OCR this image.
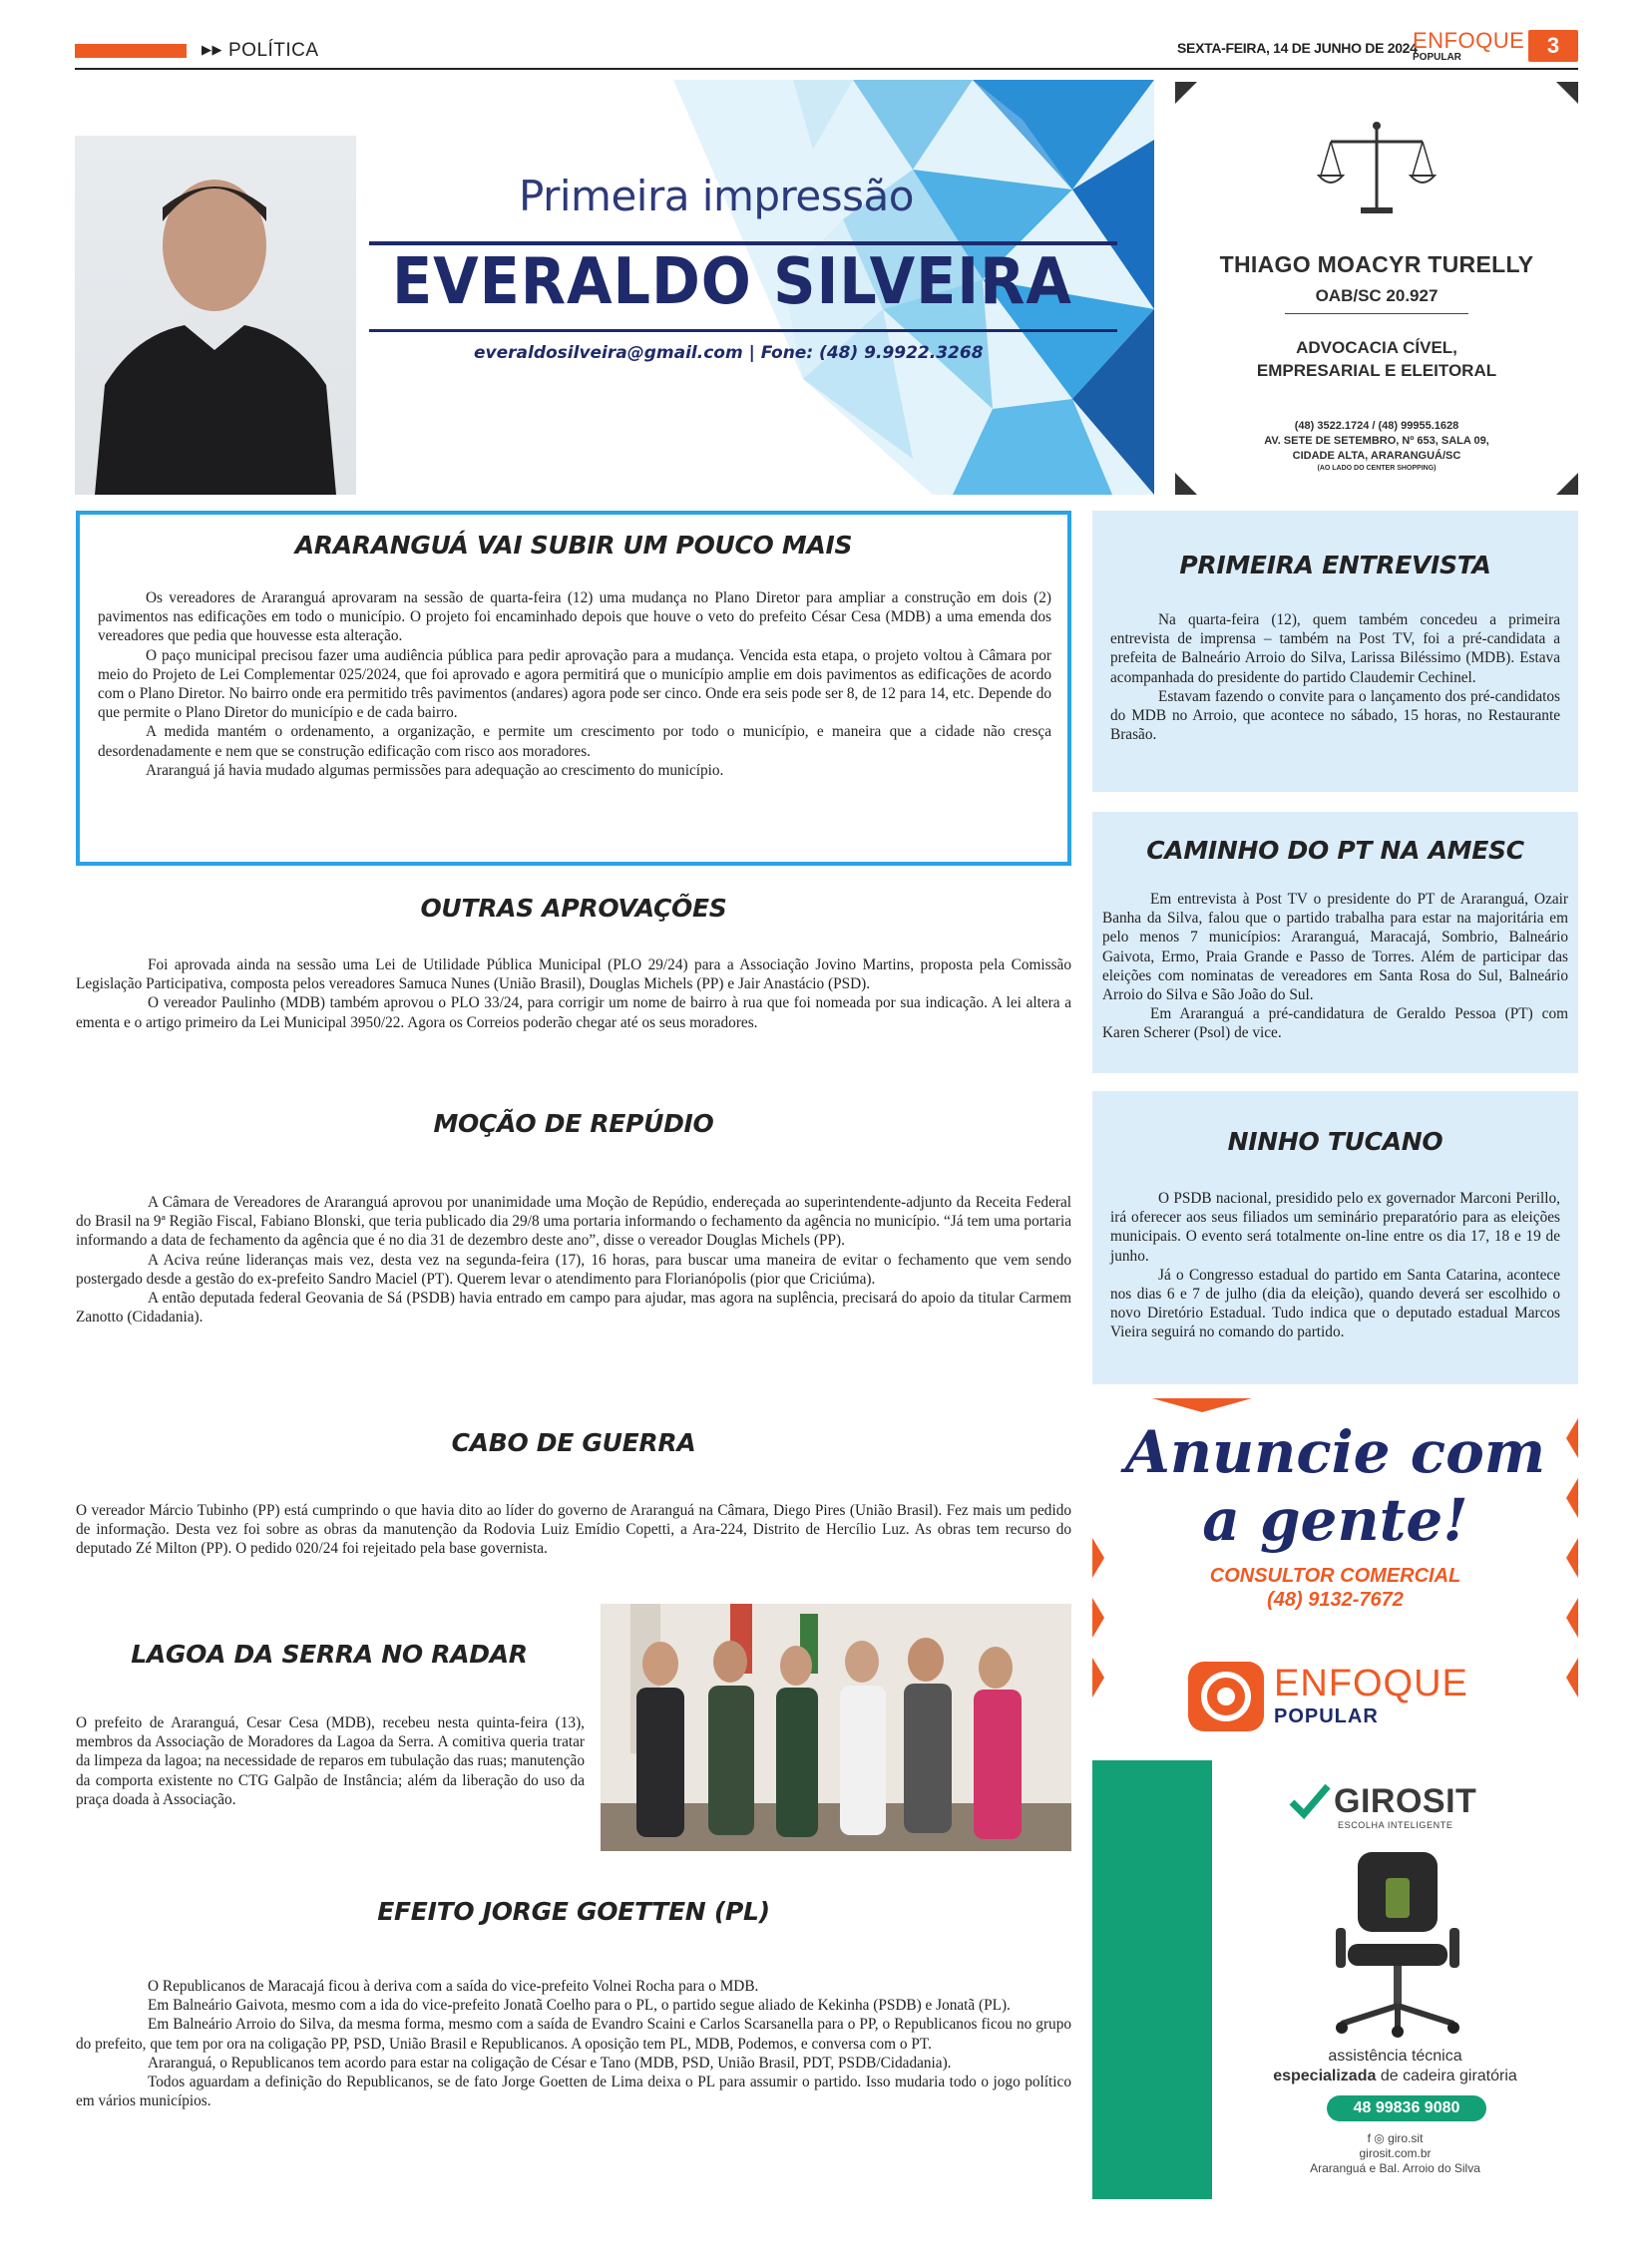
▶▶ POLÍTICA	SEXTA-FEIRA, 14 DE JUNHO DE 2024
ENFOQUE
POPULAR	3
Primeira impressão
EVERALDO SILVEIRA
everaldosilveira@gmail.com | Fone: (48) 9.9922.3268
THIAGO MOACYR TURELLY
OAB/SC 20.927
ADVOCACIA CÍVEL,
EMPRESARIAL E ELEITORAL
(48) 3522.1724 / (48) 99955.1628
AV. SETE DE SETEMBRO, Nº 653, SALA 09,
CIDADE ALTA, ARARANGUÁ/SC
(AO LADO DO CENTER SHOPPING)
ARARANGUÁ VAI SUBIR UM POUCO MAIS

Os vereadores de Araranguá aprovaram na sessão de quarta-feira (12) uma mudança no Plano Diretor para ampliar a construção em dois (2) pavimentos nas edificações em todo o município. O projeto foi encaminhado depois que houve o veto do prefeito César Cesa (MDB) a uma emenda dos vereadores que pedia que houvesse esta alteração.

O paço municipal precisou fazer uma audiência pública para pedir aprovação para a mudança. Vencida esta etapa, o projeto voltou à Câmara por meio do Projeto de Lei Complementar 025/2024, que foi aprovado e agora permitirá que o município amplie em dois pavimentos as edificações de acordo com o Plano Diretor. No bairro onde era permitido três pavimentos (andares) agora pode ser cinco. Onde era seis pode ser 8, de 12 para 14, etc. Depende do que permite o Plano Diretor do município e de cada bairro.

A medida mantém o ordenamento, a organização, e permite um crescimento por todo o município, e maneira que a cidade não cresça desordenadamente e nem que se construção edificação com risco aos moradores.

Araranguá já havia mudado algumas permissões para adequação ao crescimento do município.

OUTRAS APROVAÇÕES

Foi aprovada ainda na sessão uma Lei de Utilidade Pública Municipal (PLO 29/24) para a Associação Jovino Martins, proposta pela Comissão Legislação Participativa, composta pelos vereadores Samuca Nunes (União Brasil), Douglas Michels (PP) e Jair Anastácio (PSD).

O vereador Paulinho (MDB) também aprovou o PLO 33/24, para corrigir um nome de bairro à rua que foi nomeada por sua indicação. A lei altera a ementa e o artigo primeiro da Lei Municipal 3950/22. Agora os Correios poderão chegar até os seus moradores.

MOÇÃO DE REPÚDIO

A Câmara de Vereadores de Araranguá aprovou por unanimidade uma Moção de Repúdio, endereçada ao superintendente-adjunto da Receita Federal do Brasil na 9ª Região Fiscal, Fabiano Blonski, que teria publicado dia 29/8 uma portaria informando o fechamento da agência no município. “Já tem uma portaria informando a data de fechamento da agência que é no dia 31 de dezembro deste ano”, disse o vereador Douglas Michels (PP).

A Aciva reúne lideranças mais vez, desta vez na segunda-feira (17), 16 horas, para buscar uma maneira de evitar o fechamento que vem sendo postergado desde a gestão do ex-prefeito Sandro Maciel (PT). Querem levar o atendimento para Florianópolis (pior que Criciúma).

A então deputada federal Geovania de Sá (PSDB) havia entrado em campo para ajudar, mas agora na suplência, precisará do apoio da titular Carmem Zanotto (Cidadania).

CABO DE GUERRA

O vereador Márcio Tubinho (PP) está cumprindo o que havia dito ao líder do governo de Araranguá na Câmara, Diego Pires (União Brasil). Fez mais um pedido de informação. Desta vez foi sobre as obras da manutenção da Rodovia Luiz Emídio Copetti, a Ara-224, Distrito de Hercílio Luz. As obras tem recurso do deputado Zé Milton (PP). O pedido 020/24 foi rejeitado pela base governista.

LAGOA DA SERRA NO RADAR

O prefeito de Araranguá, Cesar Cesa (MDB), recebeu nesta quinta-feira (13), membros da Associação de Moradores da Lagoa da Serra. A comitiva queria tratar da limpeza da lagoa; na necessidade de reparos em tubulação das ruas; manutenção da comporta existente no CTG Galpão de Instância; além da liberação do uso da praça doada à Associação.

EFEITO JORGE GOETTEN (PL)

O Republicanos de Maracajá ficou à deriva com a saída do vice-prefeito Volnei Rocha para o MDB.

Em Balneário Gaivota, mesmo com a ida do vice-prefeito Jonatã Coelho para o PL, o partido segue aliado de Kekinha (PSDB) e Jonatã (PL).

Em Balneário Arroio do Silva, da mesma forma, mesmo com a saída de Evandro Scaini e Carlos Scarsanella para o PP, o Republicanos ficou no grupo do prefeito, que tem por ora na coligação PP, PSD, União Brasil e Republicanos. A oposição tem PL, MDB, Podemos, e conversa com o PT.

Araranguá, o Republicanos tem acordo para estar na coligação de César e Tano (MDB, PSD, União Brasil, PDT, PSDB/Cidadania).

Todos aguardam a definição do Republicanos, se de fato Jorge Goetten de Lima deixa o PL para assumir o partido. Isso mudaria todo o jogo político em vários municípios.

PRIMEIRA ENTREVISTA

Na quarta-feira (12), quem também concedeu a primeira entrevista de imprensa – também na Post TV, foi a pré-candidata a prefeita de Balneário Arroio do Silva, Larissa Biléssimo (MDB). Estava acompanhada do presidente do partido Claudemir Cechinel.

Estavam fazendo o convite para o lançamento dos pré-candidatos do MDB no Arroio, que acontece no sábado, 15 horas, no Restaurante Brasão.

CAMINHO DO PT NA AMESC

Em entrevista à Post TV o presidente do PT de Araranguá, Ozair Banha da Silva, falou que o partido trabalha para estar na majoritária em pelo menos 7 municípios: Araranguá, Maracajá, Sombrio, Balneário Gaivota, Ermo, Praia Grande e Passo de Torres. Além de participar das eleições com nominatas de vereadores em Santa Rosa do Sul, Balneário Arroio do Silva e São João do Sul.

Em Araranguá a pré-candidatura de Geraldo Pessoa (PT) com Karen Scherer (Psol) de vice.

NINHO TUCANO

O PSDB nacional, presidido pelo ex governador Marconi Perillo, irá oferecer aos seus filiados um seminário preparatório para as eleições municipais. O evento será totalmente on-line entre os dia 17, 18 e 19 de junho.

Já o Congresso estadual do partido em Santa Catarina, acontece nos dias 6 e 7 de julho (dia da eleição), quando deverá ser escolhido o novo Diretório Estadual. Tudo indica que o deputado estadual Marcos Vieira seguirá no comando do partido.

Anuncie com
a gente!
CONSULTOR COMERCIAL
(48) 9132-7672
ENFOQUE
POPULAR
GIROSIT
ESCOLHA INTELIGENTE
assistência técnica
especializada de cadeira giratória
48 99836 9080
f ◎ giro.sit
girosit.com.br
Araranguá e Bal. Arroio do Silva
